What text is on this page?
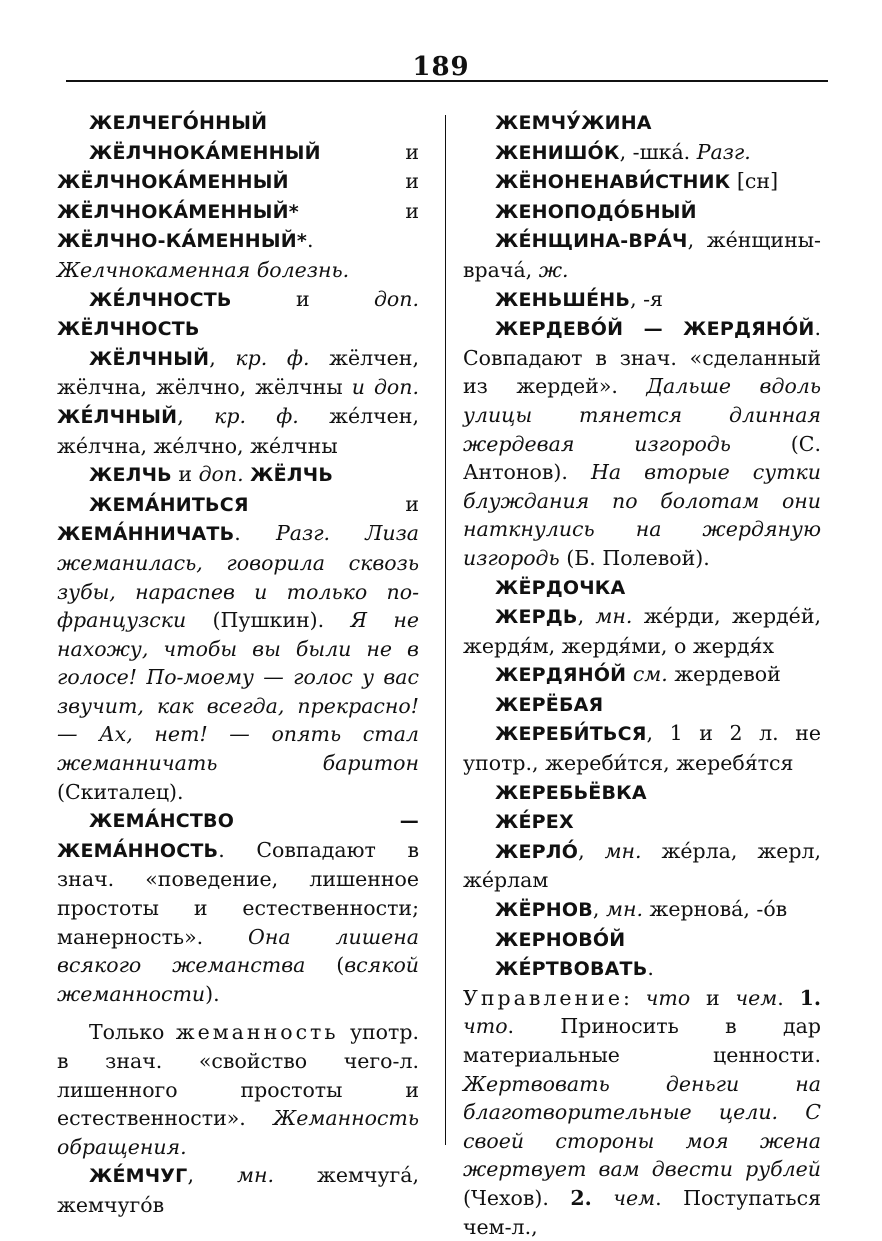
189

ЖЕЛЧЕГО́ННЫЙ

ЖЁЛЧНОКА́МЕННЫЙ и ЖЁЛЧНОКА́МЕННЫЙ и ЖЁЛЧНОКА́МЕННЫЙ* и ЖЁЛЧНО-КА́МЕННЫЙ*. Желчнокаменная болезнь.

ЖЕ́ЛЧНОСТЬ и доп. ЖЁЛЧНОСТЬ

ЖЁЛЧНЫЙ, кр. ф. жёлчен, жёлчна, жёлчно, жёлчны и доп. ЖЕ́ЛЧНЫЙ, кр. ф. же́лчен, же́лчна, же́лчно, же́лчны

ЖЕЛЧЬ и доп. ЖЁЛЧЬ

ЖЕМА́НИТЬСЯ и ЖЕМА́ННИЧАТЬ. Разг. Лиза жеманилась, говорила сквозь зубы, нараспев и только по-французски (Пушкин). Я не нахожу, чтобы вы были не в голосе! По-моему — голос у вас звучит, как всегда, прекрасно! — Ах, нет! — опять стал жеманничать баритон (Скиталец).

ЖЕМА́НСТВО — ЖЕМА́ННОСТЬ. Совпадают в знач. «поведение, лишенное простоты и естественности; манерность». Она лишена всякого жеманства (всякой жеманности).

Только жеманность употр. в знач. «свойство чего-л. лишенного простоты и естественности». Жеманность обращения.

ЖЕ́МЧУГ, мн. жемчуга́, жемчуго́в

ЖЕМЧУ́ЖИНА

ЖЕНИШО́К, -шка́. Разг.

ЖЁНОНЕНАВИ́СТНИК [сн]

ЖЕНОПОДО́БНЫЙ

ЖЕ́НЩИНА-ВРА́Ч, же́нщины-врача́, ж.

ЖЕНЬШЕ́НЬ, -я

ЖЕРДЕВО́Й — ЖЕРДЯНО́Й. Совпадают в знач. «сделанный из жердей». Дальше вдоль улицы тянется длинная жердевая изгородь (С. Антонов). На вторые сутки блуждания по болотам они наткнулись на жердяную изгородь (Б. Полевой).

ЖЁРДОЧКА

ЖЕРДЬ, мн. же́рди, жерде́й, жердя́м, жердя́ми, о жердя́х

ЖЕРДЯНО́Й см. жердевой

ЖЕРЁБАЯ

ЖЕРЕБИ́ТЬСЯ, 1 и 2 л. не употр., жереби́тся, жеребя́тся

ЖЕРЕБЬЁВКА

ЖЕ́РЕХ

ЖЕРЛО́, мн. же́рла, жерл, же́рлам

ЖЁРНОВ, мн. жернова́, -о́в

ЖЕРНОВО́Й

ЖЕ́РТВОВАТЬ. Управление: что и чем. 1. что. Приносить в дар материальные ценности. Жертвовать деньги на благотворительные цели. С своей стороны моя жена жертвует вам двести рублей (Чехов). 2. чем. Поступаться чем-л.,
